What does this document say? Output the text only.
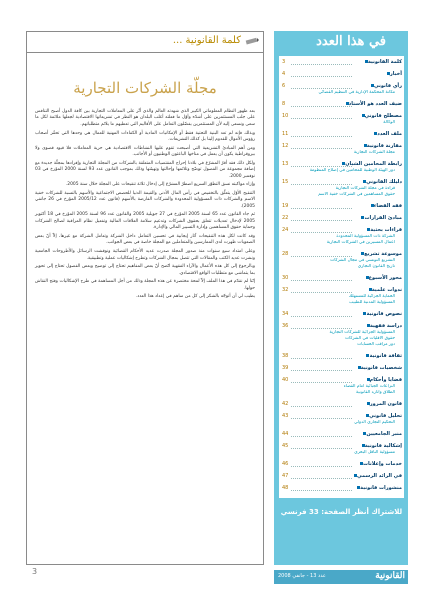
كلمة القانونية ...
مجلّة الشركات التجارية

بعد ظهور النظام المعلوماتي الكبير الذي شهدته العالم والذي أثّر على المعاملات التجارية بين كافة الدول أصبح التنافس على جلب المستثمرين على أشدّه وأوّل ما فعلته أغلب البلدان هو النظر في تشريعاتها الاقتصادية لجعلها ملائمة لكل ما سعى ونسعى إليه لأن المستثمرين يفضّلون التعامل على الأقاليم التي تعطيهم ما يلائم متطلباتهم.

وبذلك فإنه لم تعد البنية التحتية فقط أو الإمكانيات المادية أو الكفاءات المهنية للعمال هي وحدها التي تحفّز أصحاب رؤوس الأموال للقدوم إلينا بل كذلك التشريعات.

ومن أهم المبادئ التشريعية التي أصبحت تقوم عليها النشاطات الاقتصادية هي حرية المعاملات فلا قيود قصوى ولا بيروقراطية يكون أن يعمل في مناخها الباعثون الوطنيون أو الأجانب.

ولكل ذلك فقد أقرّ المشرّع في بلادنا إحراج المقتضيات المتعلقة بالشركات من المجلة التجارية وإفرادها بمجلّة جديدة مع إضافة مجموعة من الفصول توضّح وتلائمها وإحالتها وتهيئتها وذلك بموجب القانون عدد 93 لسنة 2000 المؤرخ في 03 نوفمبر 2000.

وإزاء مواكبته نسق التطوّر السريع اضطرّ المشرّع إلى إدخال ثلاثة تنقيحات على المجلة خلال سنة 2005.

التنقيح الأوّل يتعلّق بالتخفيض في رأس المال الأدنى والقيمة الدنيا للحصص الاجتماعية والأسهم بالنسبة للشركات خفية الاسم والشركات ذات المسؤولية المحدودة والشركات الفارضة بالأسهم (قانون عدد 2005/12 المؤرخ في 26 جانفي 2005).

ثم جاء القانون عدد 65 لسنة 2005 المؤرخ في 27 جويلية 2005 والقانون عدد 96 لسنة 2005 المؤرخ في 18 أكتوبر 2005 لإدخال تعديلات تتعلق بحقوق الشركات وتدعيم سلامة العلاقات المالية وتفعيل نظام المراقبة لصالح الشركات وحماية حقوق المساهمين وإدارة التسيير المالي والإدارة.

وقد كانت لكل هذه التنقيحات آثار إيجابية في تحسين التعامل داخل الشركة وتعامل الشركة مع غيرها، إلاّ أنّ بعض الصعوبات ظهرت لدى الممارسين والمتعاملين مع المجلة خاصة في بعض الجوانب.

وعلى امتداد سبع سنوات منذ صدور المجلة صدرت عديد الأحكام القضائية ونوقشت الرسائل والأطروحات الجامعية ونشرت عديد الكتب والمقالات التي تتصل بمجال الشركات وتطرح إشكاليات عملية وتطبيقية.

وبالرجوع إلى كل هذه الأعمال والآراء الفقهية اتّضح أنّ بعض المفاهيم تحتاج إلى توضيح وبعض الفصول تحتاج إلى تحوير بما يتماشى مع متطلبات الواقع الاقتصادي.

إنّنا لم نقدّم في هذا الملف إلاّ لمحة مختصرة عن هذه المجلة وذلك من أجل المساهمة في طرح الإشكاليات وفتح النقاش حولها.

يطيب لي أن أتوجّه بالشكر إلى كل من ساهم في إعداد هذا العدد.

في هذا العدد
3	كلمة القانونية
4	أخبار
6	رأي قانوني
مكانة المحكمة الإدارية في التنظيم القضائي
8	ضيف العدد هو الأستاذ
10	مصطلح قانوني
الوكالة
11	ملف العدد
12	مقارنة قانونية
مجلة الشركات التجارية
13	رابطة المحامين الشبان
دور الهيئة الوطنية للمحامين في إصلاح المنظومة
15	دليلك القانوني
قراءة في مجلة الشركات التجارية
حقوق المساهمين في الشركات خفية الاسم
19	فقه القضاء
22	مبادئ القرارات
24	قراءات بحثية
الشركة ذات المسؤولية المحدودة
أعمال المسيرين في الشركات التجارية
28	موسوعة تشريع
التشريع التونسي في مجال الشركات
تاريخ القانون التجاري
30	محور الأسبوع
32	ندوات علمية
الحماية الجزائية للمستهلك
المسؤولية المدنية للطبيب
34	نصوص قانونية
36	دراسة فقهية
المسؤولية الجزائية للشركات التجارية
حقوق الأقليات في الشركات
دور مراقب الحسابات
38	ثقافة قانونية
39	شخصيات قانونية
40	قضايا وأحكام
النزاعات الجبائية أمام القضاء
الطلاق وآثاره القانونية
42	قانون المرور
43	تحليل قانوني
التحكيم التجاري الدولي
44	منبر الجامعيين
45	إشكالية قانونية
مسؤولية الناقل البحري
46	خدمات وإعلانات
47	في الرائد الرسمي
48	منشورات قانونية
للاشتراك أنظر الصفحة: 33 فرنسي
القانونية
عدد 13 - جانفي 2008
3
